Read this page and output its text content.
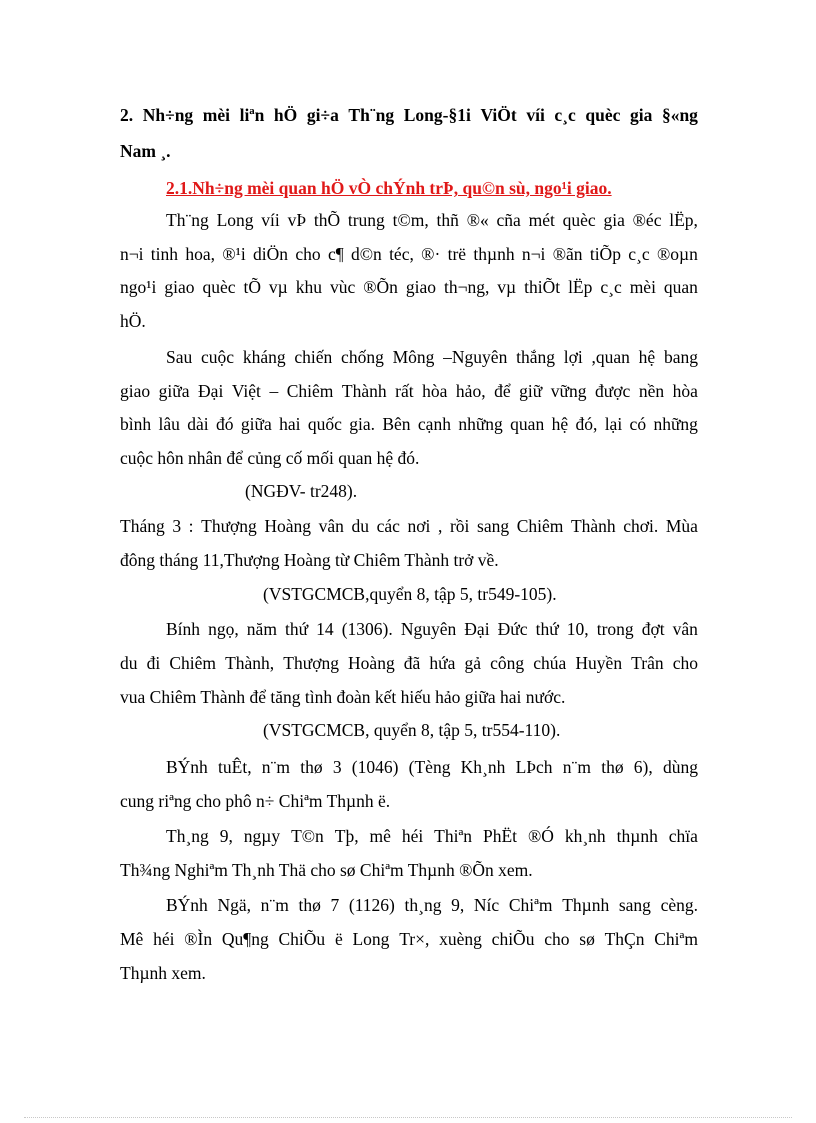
2. Nh÷ng mèi liªn hÖ gi÷a Th¨ng Long-§1i ViÖt víi c¸c quèc gia §«ng
Nam ¸.
2.1.Nh÷ng mèi quan hÖ vÒ chÝnh trÞ, qu©n sù, ngo¹i giao.
Th¨ng Long víi vÞ thÕ trung t©m, thñ ®« cña mét quèc gia ®éc lËp,
n¬i tinh hoa, ®¹i diÖn cho c¶ d©n téc, ®· trë thµnh n¬i ®ãn tiÕp c¸c ®oµn
ngo¹i giao quèc tÕ vµ khu vùc ®Õn giao th¬ng, vµ thiÕt lËp c¸c mèi quan
hÖ.
Sau cuộc kháng chiến chống Mông –Nguyên thắng lợi ,quan hệ bang
giao giữa Đại Việt – Chiêm Thành rất hòa hảo, để giữ vững được nền hòa
bình lâu dài đó giữa hai quốc gia. Bên cạnh những quan hệ đó, lại có những
cuộc hôn nhân để củng cố mối quan hệ đó.
(NGĐV- tr248).
Tháng 3 : Thượng Hoàng vân du các nơi , rồi sang Chiêm Thành chơi. Mùa
đông tháng 11,Thượng Hoàng từ Chiêm Thành trở về.
(VSTGCMCB,quyển 8, tập 5, tr549-105).
Bính ngọ, năm thứ 14 (1306). Nguyên Đại Đức thứ 10, trong đợt vân
du đi Chiêm Thành, Thượng Hoàng đã hứa gả công chúa Huyền Trân cho
vua Chiêm Thành để tăng tình đoàn kết hiếu hảo giữa hai nước.
(VSTGCMCB, quyển 8, tập 5, tr554-110).
BÝnh tuÊt, n¨m thø 3 (1046) (Tèng Kh¸nh LÞch n¨m thø 6), dùng
cung riªng cho phô n÷ Chiªm Thµnh ë.
Th¸ng 9, ngµy T©n Tþ, mê héi Thiªn PhËt ®Ó kh¸nh thµnh chïa
Th¾ng Nghiªm Th¸nh Thä cho sø Chiªm Thµnh ®Õn xem.
BÝnh Ngä, n¨m thø 7 (1126) th¸ng 9, Níc Chiªm Thµnh sang cèng.
Mê héi ®Ìn Qu¶ng ChiÕu ë Long Tr×, xuèng chiÕu cho sø ThÇn Chiªm
Thµnh xem.
